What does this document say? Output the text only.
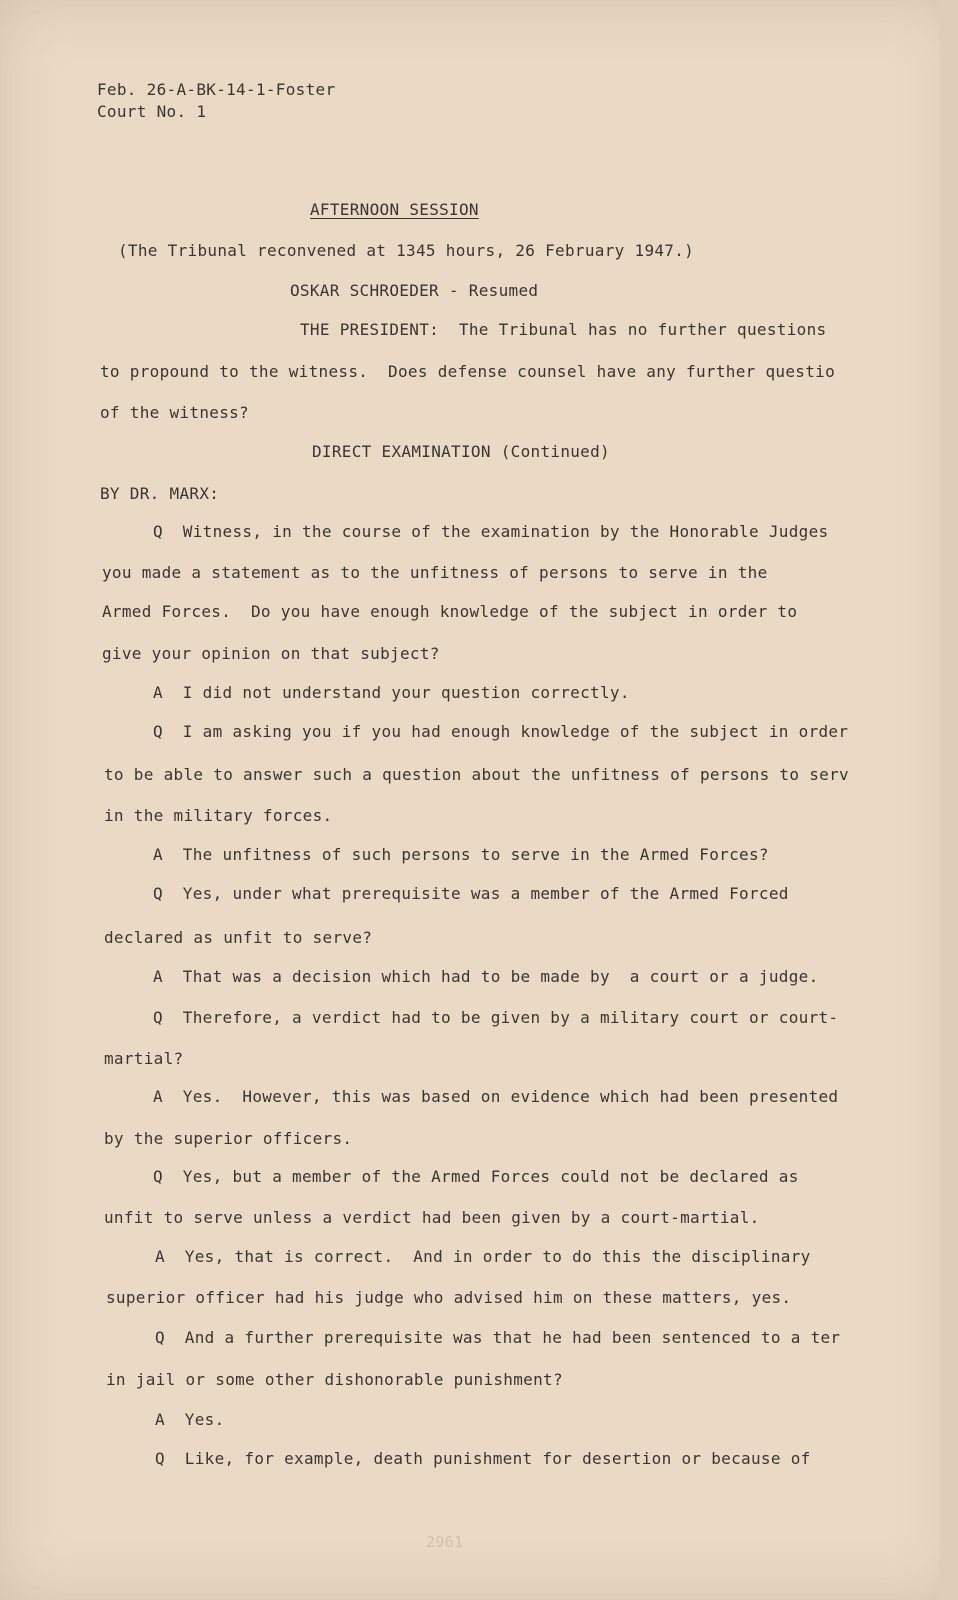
Feb. 26-A-BK-14-1-Foster
Court No. 1
AFTERNOON SESSION
(The Tribunal reconvened at 1345 hours, 26 February 1947.)
OSKAR SCHROEDER - Resumed
THE PRESIDENT:  The Tribunal has no further questions
to propound to the witness.  Does defense counsel have any further questio
of the witness?
DIRECT EXAMINATION (Continued)
BY DR. MARX:
Q  Witness, in the course of the examination by the Honorable Judges
you made a statement as to the unfitness of persons to serve in the
Armed Forces.  Do you have enough knowledge of the subject in order to
give your opinion on that subject?
A  I did not understand your question correctly.
Q  I am asking you if you had enough knowledge of the subject in order
to be able to answer such a question about the unfitness of persons to serv
in the military forces.
A  The unfitness of such persons to serve in the Armed Forces?
Q  Yes, under what prerequisite was a member of the Armed Forced
declared as unfit to serve?
A  That was a decision which had to be made by  a court or a judge.
Q  Therefore, a verdict had to be given by a military court or court-
martial?
A  Yes.  However, this was based on evidence which had been presented
by the superior officers.
Q  Yes, but a member of the Armed Forces could not be declared as
unfit to serve unless a verdict had been given by a court-martial.
A  Yes, that is correct.  And in order to do this the disciplinary
superior officer had his judge who advised him on these matters, yes.
Q  And a further prerequisite was that he had been sentenced to a ter
in jail or some other dishonorable punishment?
A  Yes.
Q  Like, for example, death punishment for desertion or because of
2961
